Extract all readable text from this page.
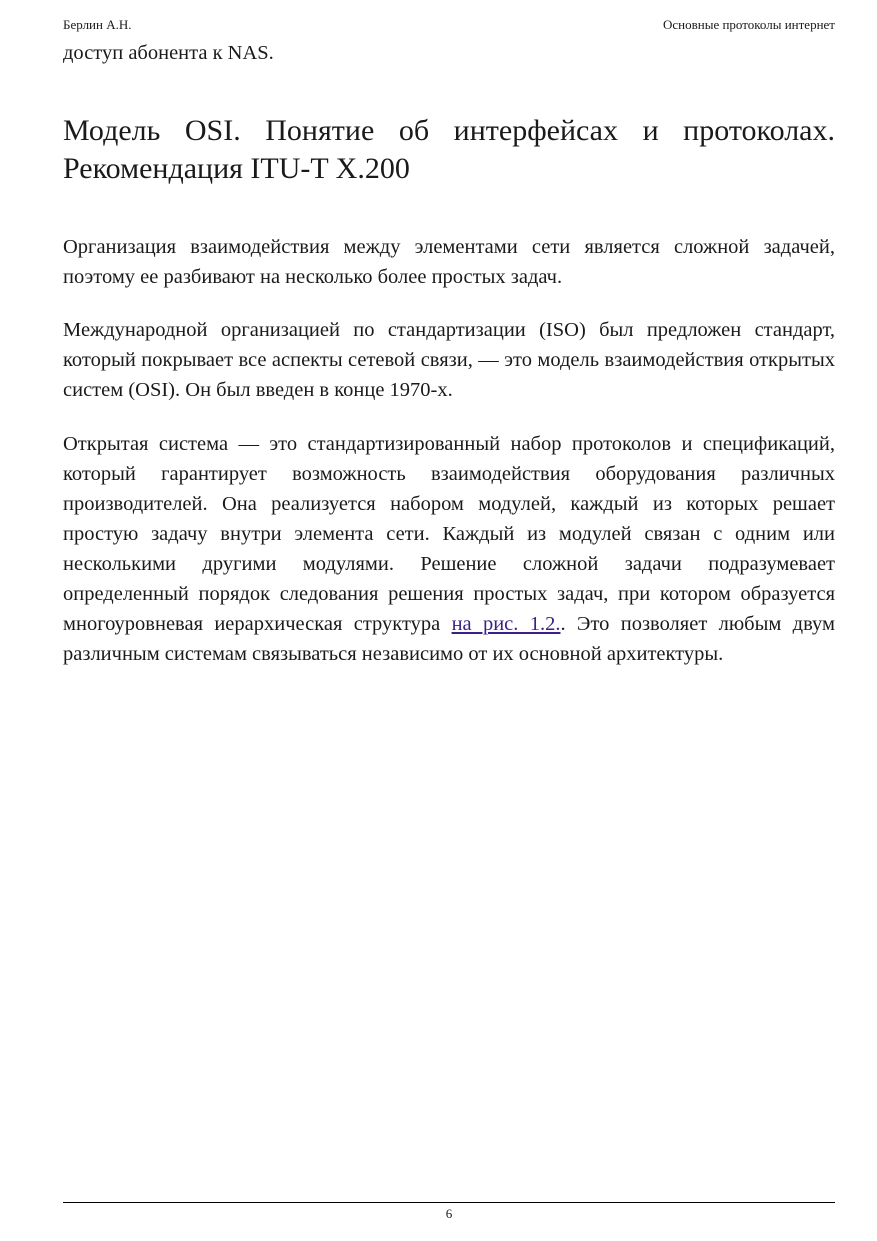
Берлин А.Н.	Основные протоколы интернет

доступ абонента к NAS.

Модель OSI. Понятие об интерфейсах и протоколах. Рекомендация ITU-T X.200

Организация взаимодействия между элементами сети является сложной задачей, поэтому ее разбивают на несколько более простых задач.

Международной организацией по стандартизации (ISO) был предложен стандарт, который покрывает все аспекты сетевой связи, — это модель взаимодействия открытых систем (OSI). Он был введен в конце 1970-х.

Открытая система — это стандартизированный набор протоколов и спецификаций, который гарантирует возможность взаимодействия оборудования различных производителей. Она реализуется набором модулей, каждый из которых решает простую задачу внутри элемента сети. Каждый из модулей связан с одним или несколькими другими модулями. Решение сложной задачи подразумевает определенный порядок следования решения простых задач, при котором образуется многоуровневая иерархическая структура на рис. 1.2.. Это позволяет любым двум различным системам связываться независимо от их основной архитектуры.

6
